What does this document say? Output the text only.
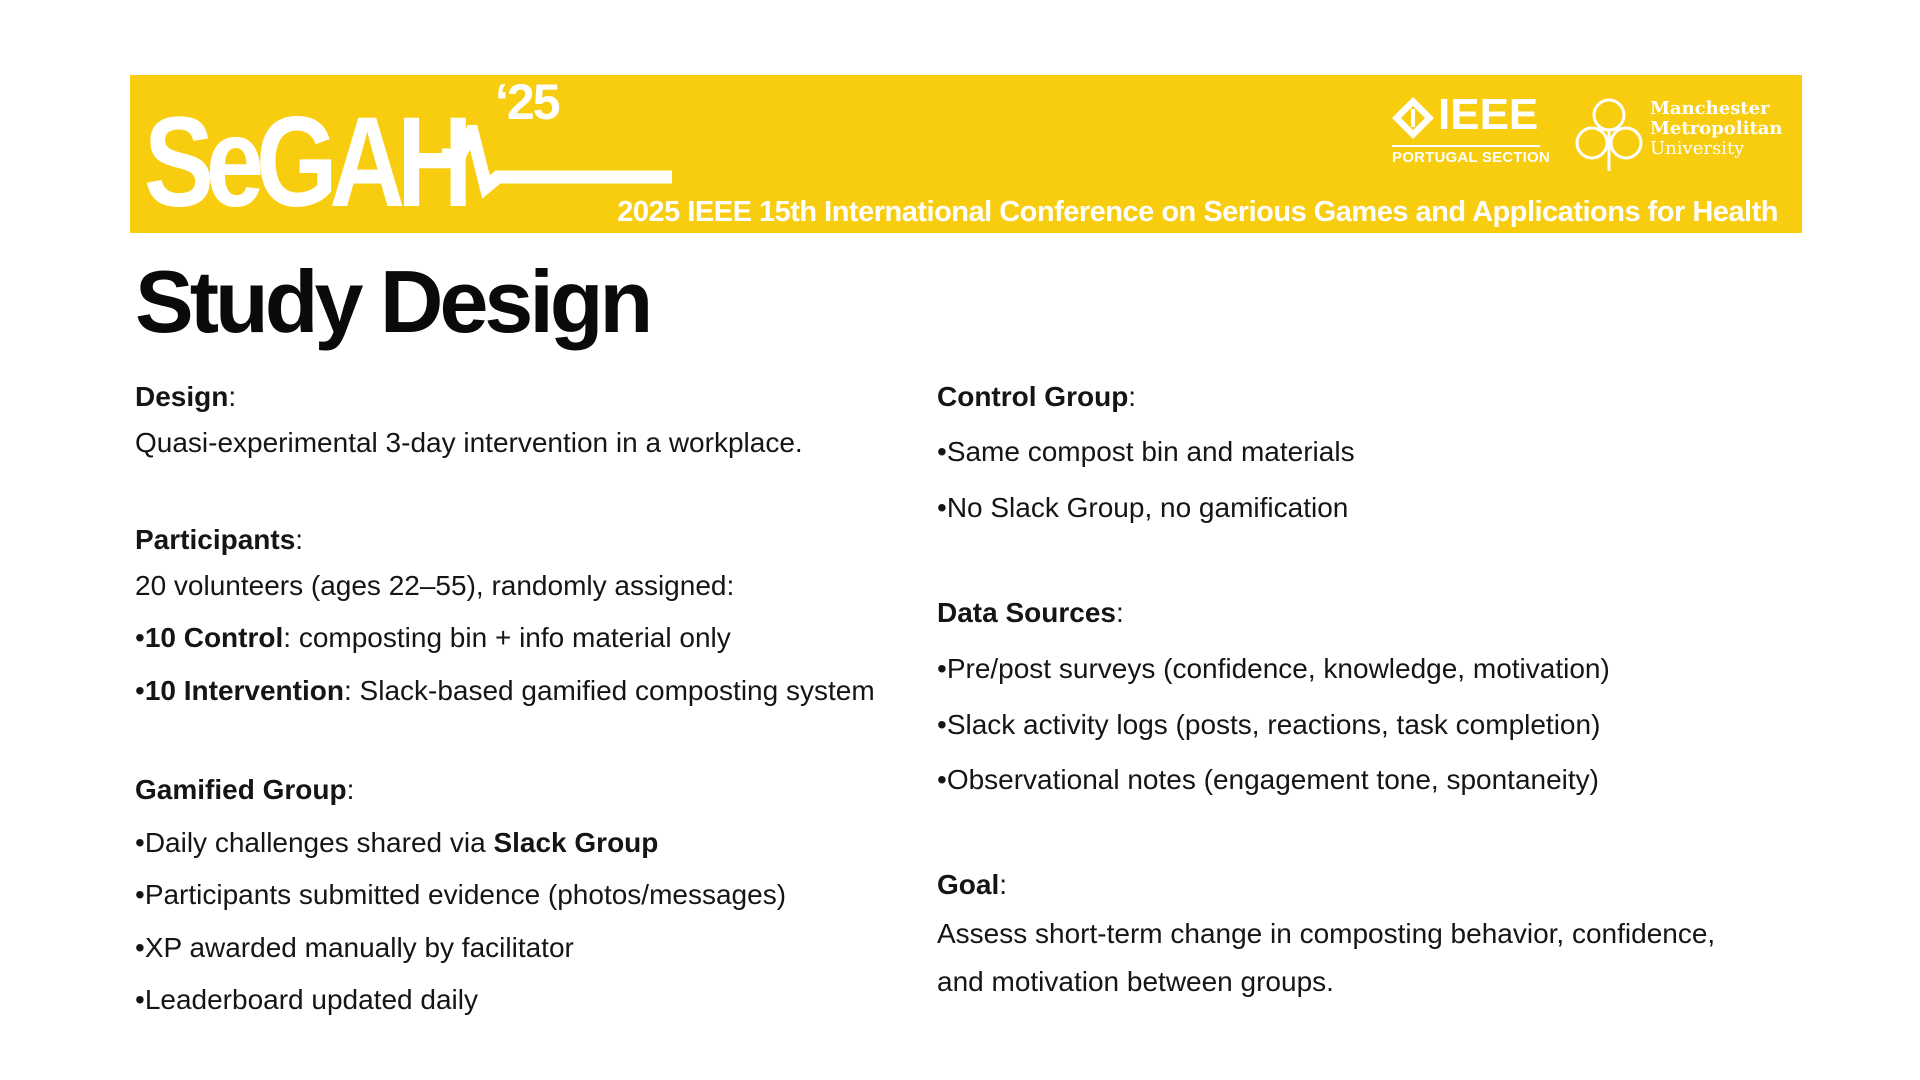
SeGAH ‘25
2025 IEEE 15th International Conference on Serious Games and Applications for Health
IEEE
PORTUGAL SECTION
Manchester
Metropolitan
University
Study Design
Design:
Quasi-experimental 3-day intervention in a workplace.
Participants:
20 volunteers (ages 22–55), randomly assigned:
•10 Control: composting bin + info material only
•10 Intervention: Slack-based gamified composting system
Gamified Group:
•Daily challenges shared via Slack Group
•Participants submitted evidence (photos/messages)
•XP awarded manually by facilitator
•Leaderboard updated daily
Control Group:
•Same compost bin and materials
•No Slack Group, no gamification
Data Sources:
•Pre/post surveys (confidence, knowledge, motivation)
•Slack activity logs (posts, reactions, task completion)
•Observational notes (engagement tone, spontaneity)
Goal:
Assess short-term change in composting behavior, confidence,
and motivation between groups.
